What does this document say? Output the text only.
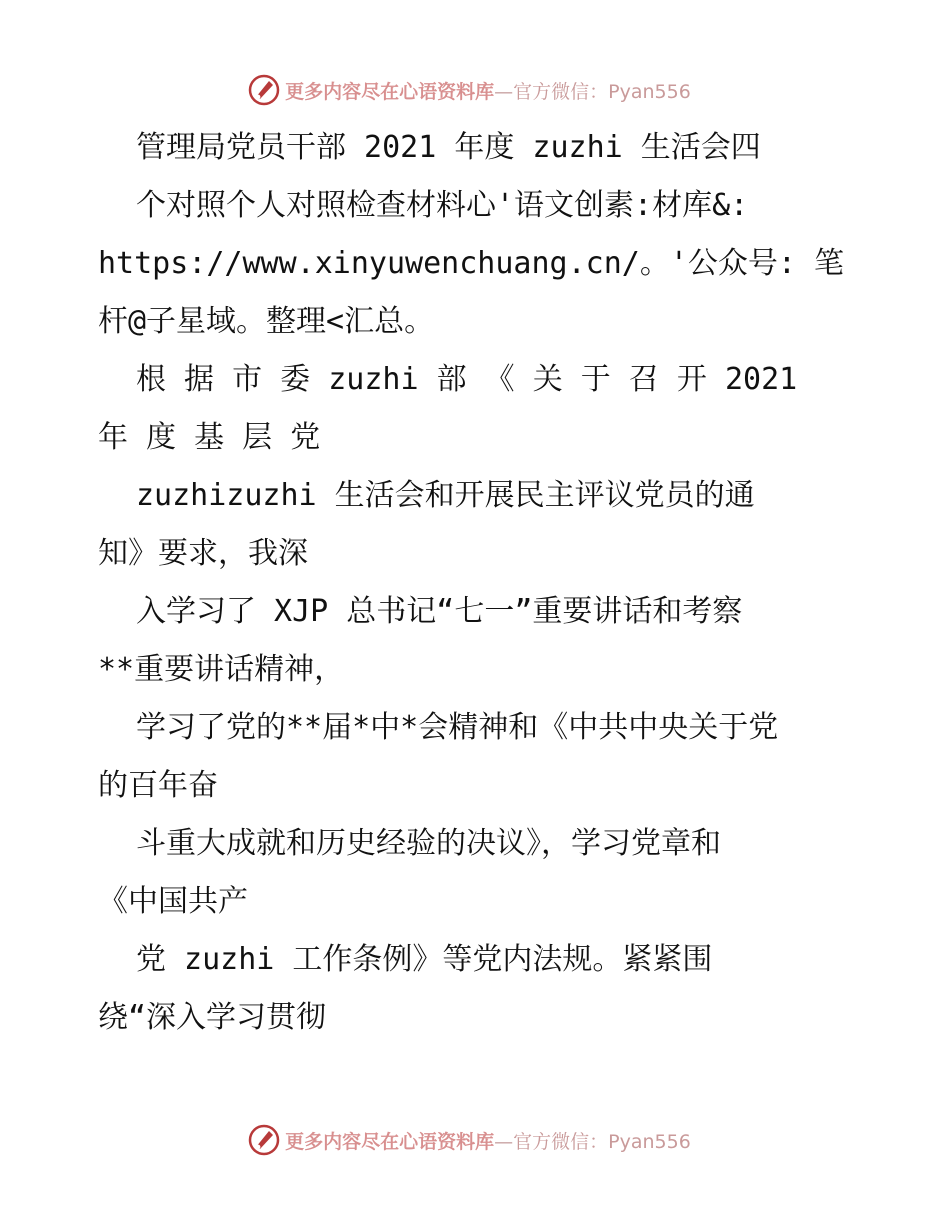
更多内容尽在心语资料库—官方微信：Pyan556
管理局党员干部 2021 年度 zuzhi 生活会四
个对照个人对照检查材料心'语文创素:材库&:
https://www.xinyuwenchuang.cn/。'公众号: 笔
杆@子星域。整理<汇总。
根 据 市 委 zuzhi 部 《 关 于 召 开 2021
年 度 基 层 党
zuzhizuzhi 生活会和开展民主评议党员的通
知》要求，我深
入学习了 XJP 总书记“七一”重要讲话和考察
**重要讲话精神，
学习了党的**届*中*会精神和《中共中央关于党
的百年奋
斗重大成就和历史经验的决议》，学习党章和
《中国共产
党 zuzhi 工作条例》等党内法规。紧紧围
绕“深入学习贯彻
更多内容尽在心语资料库—官方微信：Pyan556
